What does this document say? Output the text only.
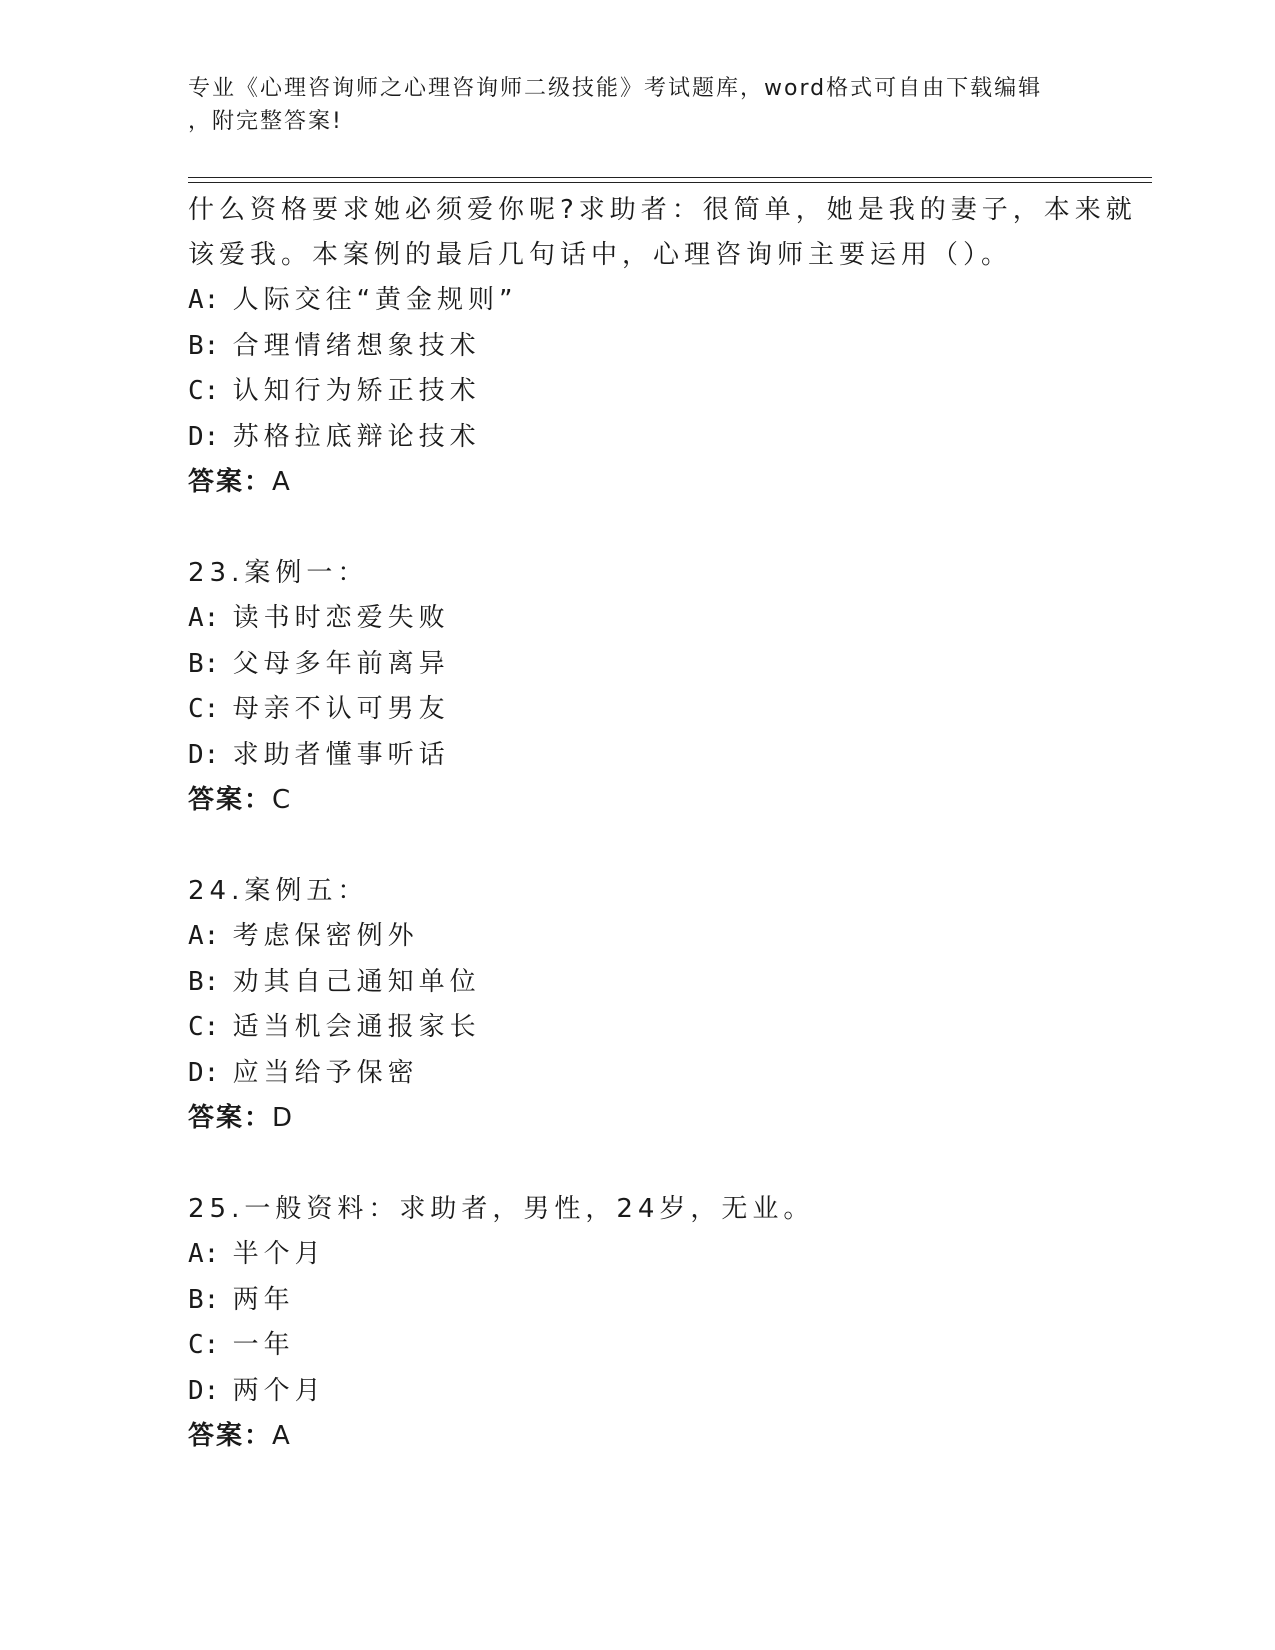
专业《心理咨询师之心理咨询师二级技能》考试题库，word格式可自由下载编辑
，附完整答案!
什么资格要求她必须爱你呢?求助者：很简单，她是我的妻子，本来就
该爱我。本案例的最后几句话中，心理咨询师主要运用（）。
A: 人际交往“黄金规则”
B: 合理情绪想象技术
C: 认知行为矫正技术
D: 苏格拉底辩论技术
答案：A
23.案例一：
A: 读书时恋爱失败
B: 父母多年前离异
C: 母亲不认可男友
D: 求助者懂事听话
答案：C
24.案例五：
A: 考虑保密例外
B: 劝其自己通知单位
C: 适当机会通报家长
D: 应当给予保密
答案：D
25.一般资料：求助者，男性，24岁，无业。
A: 半个月
B: 两年
C: 一年
D: 两个月
答案：A
